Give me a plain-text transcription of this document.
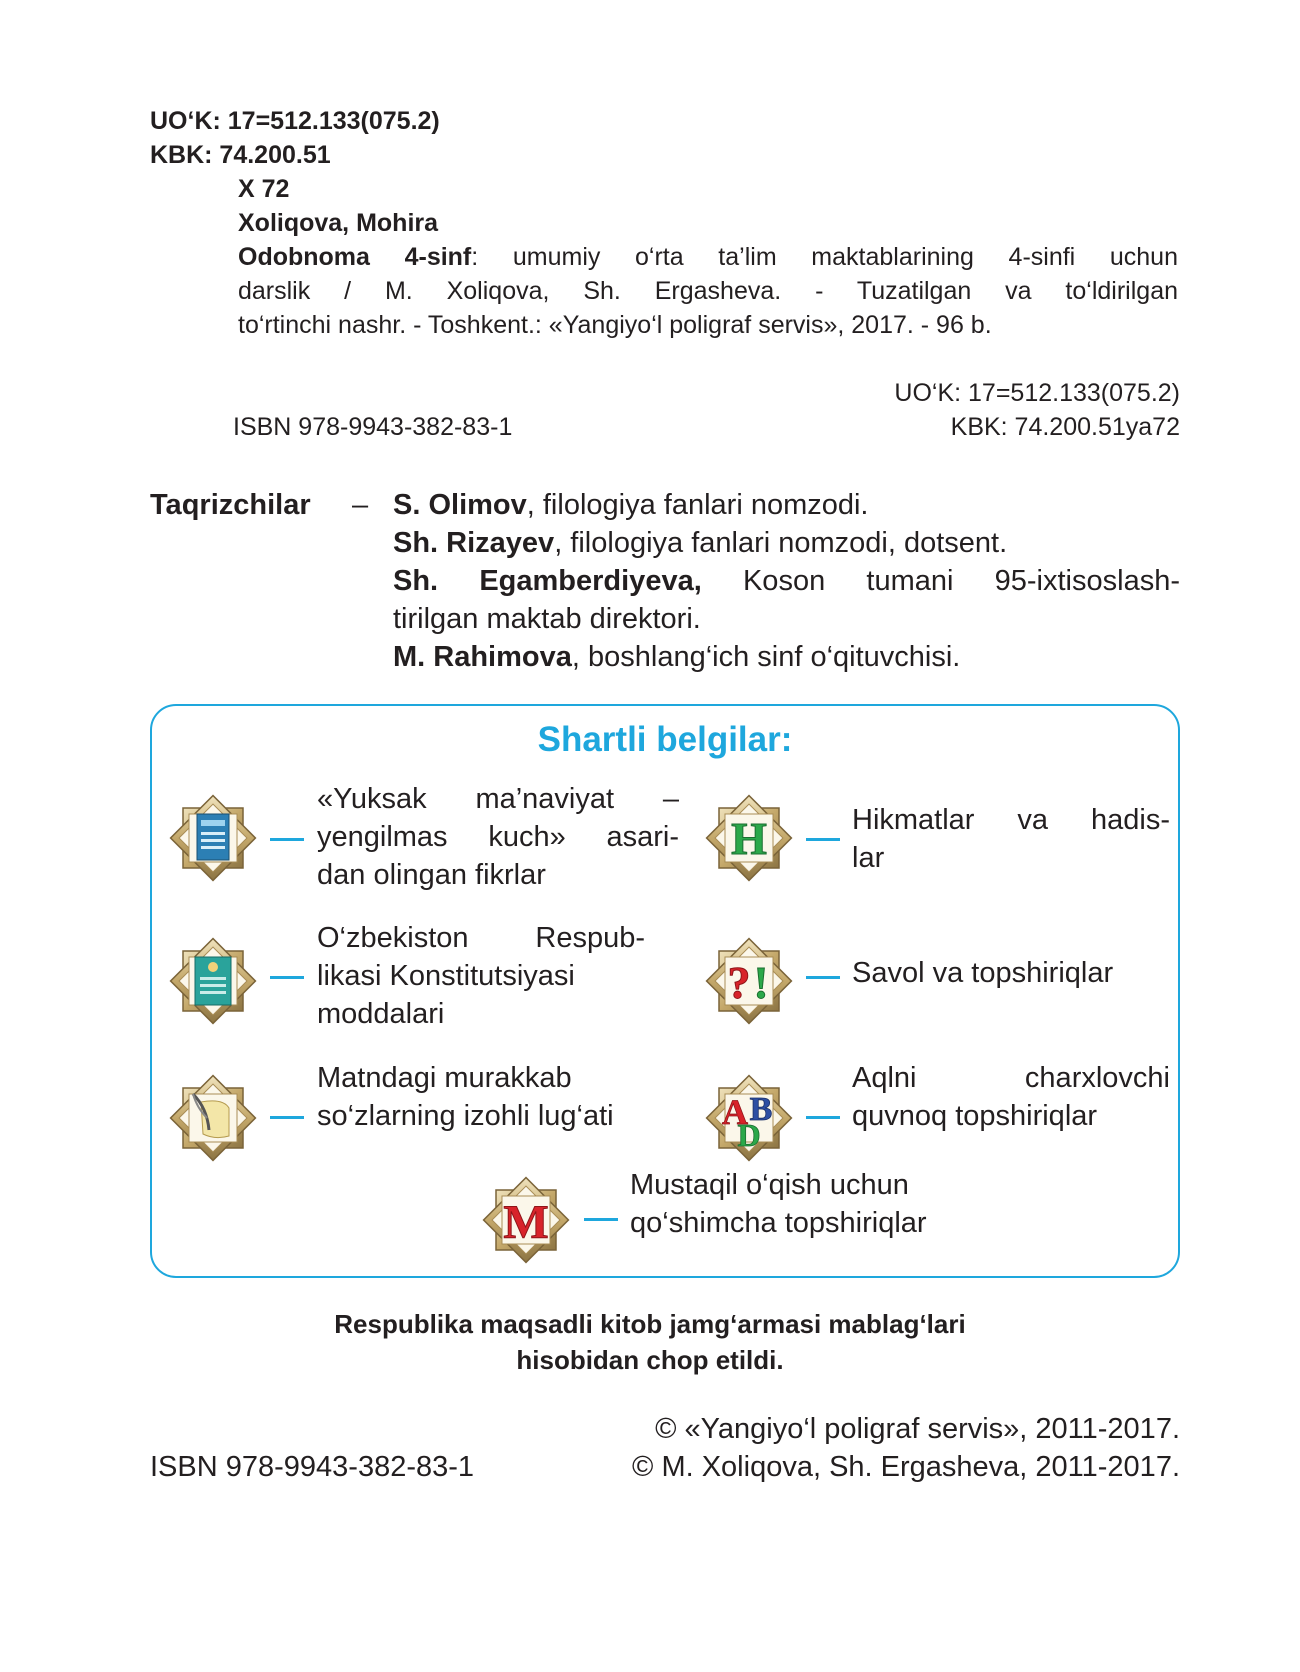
UO‘K: 17=512.133(075.2)
KBK: 74.200.51
X 72
Xoliqova, Mohira
Odobnoma 4-sinf: umumiy o‘rta ta’lim maktablarining 4-sinfi uchun
darslik / M. Xoliqova, Sh. Ergasheva. - Tuzatilgan va to‘ldirilgan
to‘rtinchi nashr. - Toshkent.: «Yangiyo‘l poligraf servis», 2017. - 96 b.
UO‘K: 17=512.133(075.2)
ISBN 978-9943-382-83-1	KBK: 74.200.51ya72
Taqrizchilar – S. Olimov, filologiya fanlari nomzodi.
Sh. Rizayev, filologiya fanlari nomzodi, dotsent.
Sh. Egamberdiyeva, Koson tumani 95-ixtisoslash-
tirilgan maktab direktori.
M. Rahimova, boshlang‘ich sinf o‘qituvchisi.
Shartli belgilar:
«Yuksak ma’naviyat –
yengilmas kuch» asari-
dan olingan fikrlar
H	Hikmatlar va hadis-
lar
O‘zbekiston Respub-
likasi Konstitutsiyasi
moddalari
? !	Savol va topshiriqlar
Matndagi murakkab
so‘zlarning izohli lug‘ati	A B
D
Aqlni charxlovchi
quvnoq topshiriqlar
M
Mustaqil o‘qish uchun
qo‘shimcha topshiriqlar
Respublika maqsadli kitob jamg‘armasi mablag‘lari
hisobidan chop etildi.
© «Yangiyo‘l poligraf servis», 2011-2017.
ISBN 978-9943-382-83-1	© M. Xoliqova, Sh. Ergasheva, 2011-2017.
